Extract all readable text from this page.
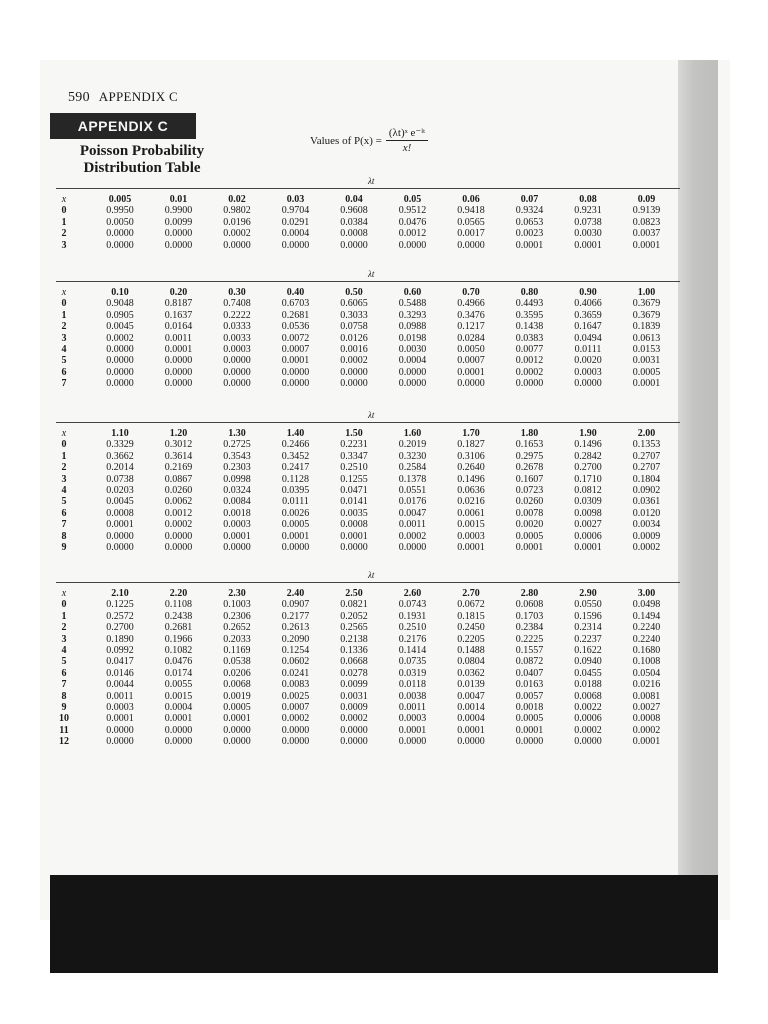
590 APPENDIX C
APPENDIX C
Poisson Probability
Distribution Table
Values of $P(x) = \frac{\text{(λt)ˣ e⁻ˡᵗ}}{x!}$
λt
x	0.005	0.01	0.02	0.03	0.04	0.05	0.06	0.07	0.08	0.09
0	0.9950	0.9900	0.9802	0.9704	0.9608	0.9512	0.9418	0.9324	0.9231	0.9139
1	0.0050	0.0099	0.0196	0.0291	0.0384	0.0476	0.0565	0.0653	0.0738	0.0823
2	0.0000	0.0000	0.0002	0.0004	0.0008	0.0012	0.0017	0.0023	0.0030	0.0037
3	0.0000	0.0000	0.0000	0.0000	0.0000	0.0000	0.0000	0.0001	0.0001	0.0001
λt
x	0.10	0.20	0.30	0.40	0.50	0.60	0.70	0.80	0.90	1.00
0	0.9048	0.8187	0.7408	0.6703	0.6065	0.5488	0.4966	0.4493	0.4066	0.3679
1	0.0905	0.1637	0.2222	0.2681	0.3033	0.3293	0.3476	0.3595	0.3659	0.3679
2	0.0045	0.0164	0.0333	0.0536	0.0758	0.0988	0.1217	0.1438	0.1647	0.1839
3	0.0002	0.0011	0.0033	0.0072	0.0126	0.0198	0.0284	0.0383	0.0494	0.0613
4	0.0000	0.0001	0.0003	0.0007	0.0016	0.0030	0.0050	0.0077	0.0111	0.0153
5	0.0000	0.0000	0.0000	0.0001	0.0002	0.0004	0.0007	0.0012	0.0020	0.0031
6	0.0000	0.0000	0.0000	0.0000	0.0000	0.0000	0.0001	0.0002	0.0003	0.0005
7	0.0000	0.0000	0.0000	0.0000	0.0000	0.0000	0.0000	0.0000	0.0000	0.0001
λt
x	1.10	1.20	1.30	1.40	1.50	1.60	1.70	1.80	1.90	2.00
0	0.3329	0.3012	0.2725	0.2466	0.2231	0.2019	0.1827	0.1653	0.1496	0.1353
1	0.3662	0.3614	0.3543	0.3452	0.3347	0.3230	0.3106	0.2975	0.2842	0.2707
2	0.2014	0.2169	0.2303	0.2417	0.2510	0.2584	0.2640	0.2678	0.2700	0.2707
3	0.0738	0.0867	0.0998	0.1128	0.1255	0.1378	0.1496	0.1607	0.1710	0.1804
4	0.0203	0.0260	0.0324	0.0395	0.0471	0.0551	0.0636	0.0723	0.0812	0.0902
5	0.0045	0.0062	0.0084	0.0111	0.0141	0.0176	0.0216	0.0260	0.0309	0.0361
6	0.0008	0.0012	0.0018	0.0026	0.0035	0.0047	0.0061	0.0078	0.0098	0.0120
7	0.0001	0.0002	0.0003	0.0005	0.0008	0.0011	0.0015	0.0020	0.0027	0.0034
8	0.0000	0.0000	0.0001	0.0001	0.0001	0.0002	0.0003	0.0005	0.0006	0.0009
9	0.0000	0.0000	0.0000	0.0000	0.0000	0.0000	0.0001	0.0001	0.0001	0.0002
λt
x	2.10	2.20	2.30	2.40	2.50	2.60	2.70	2.80	2.90	3.00
0	0.1225	0.1108	0.1003	0.0907	0.0821	0.0743	0.0672	0.0608	0.0550	0.0498
1	0.2572	0.2438	0.2306	0.2177	0.2052	0.1931	0.1815	0.1703	0.1596	0.1494
2	0.2700	0.2681	0.2652	0.2613	0.2565	0.2510	0.2450	0.2384	0.2314	0.2240
3	0.1890	0.1966	0.2033	0.2090	0.2138	0.2176	0.2205	0.2225	0.2237	0.2240
4	0.0992	0.1082	0.1169	0.1254	0.1336	0.1414	0.1488	0.1557	0.1622	0.1680
5	0.0417	0.0476	0.0538	0.0602	0.0668	0.0735	0.0804	0.0872	0.0940	0.1008
6	0.0146	0.0174	0.0206	0.0241	0.0278	0.0319	0.0362	0.0407	0.0455	0.0504
7	0.0044	0.0055	0.0068	0.0083	0.0099	0.0118	0.0139	0.0163	0.0188	0.0216
8	0.0011	0.0015	0.0019	0.0025	0.0031	0.0038	0.0047	0.0057	0.0068	0.0081
9	0.0003	0.0004	0.0005	0.0007	0.0009	0.0011	0.0014	0.0018	0.0022	0.0027
10	0.0001	0.0001	0.0001	0.0002	0.0002	0.0003	0.0004	0.0005	0.0006	0.0008
11	0.0000	0.0000	0.0000	0.0000	0.0000	0.0001	0.0001	0.0001	0.0002	0.0002
12	0.0000	0.0000	0.0000	0.0000	0.0000	0.0000	0.0000	0.0000	0.0000	0.0001
